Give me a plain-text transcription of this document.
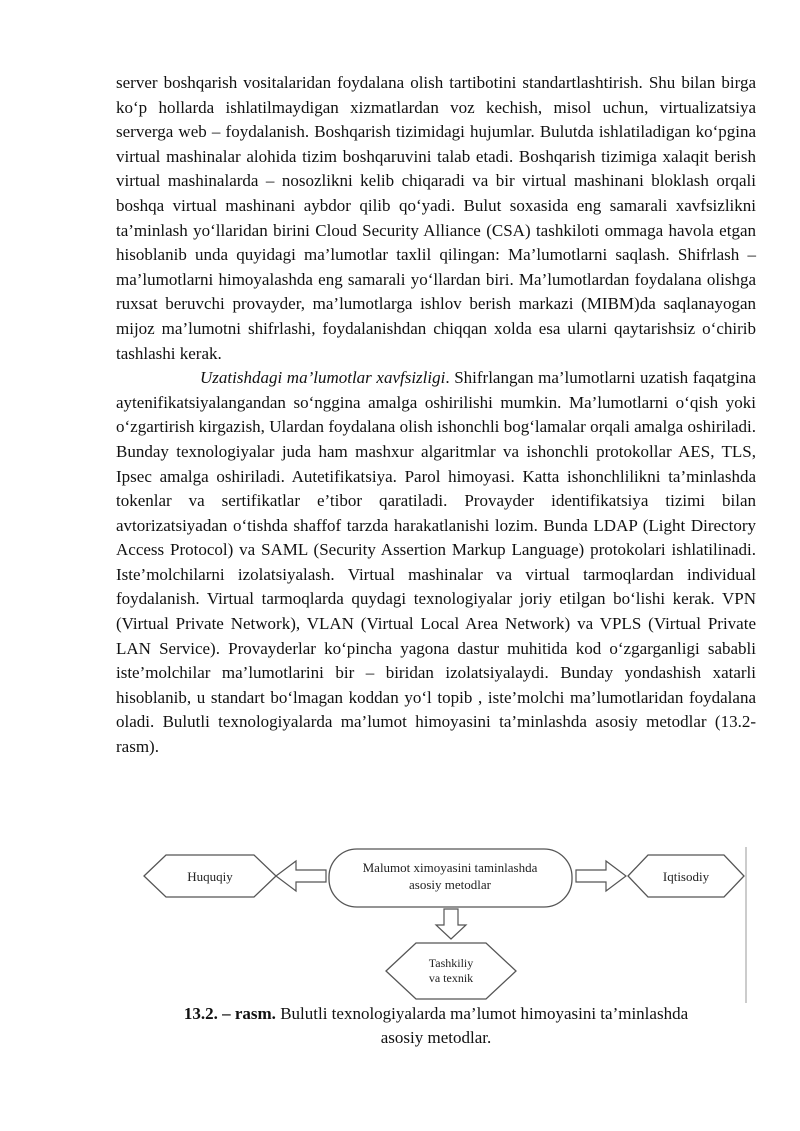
server boshqarish vositalaridan foydalana olish tartibotini standartlashtirish. Shu bilan birga koʻp hollarda ishlatilmaydigan xizmatlardan voz kechish, misol uchun, virtualizatsiya serverga web – foydalanish. Boshqarish tizimidagi hujumlar. Bulutda ishlatiladigan koʻpgina virtual mashinalar alohida tizim boshqaruvini talab etadi. Boshqarish tizimiga xalaqit berish virtual mashinalarda – nosozlikni kelib chiqaradi va bir virtual mashinani bloklash orqali boshqa virtual mashinani aybdor qilib qoʻyadi. Bulut soxasida eng samarali xavfsizlikni ta’minlash yoʻllaridan birini Cloud Security Alliance (CSA) tashkiloti ommaga havola etgan hisoblanib unda quyidagi ma’lumotlar taxlil qilingan: Ma’lumotlarni saqlash. Shifrlash – ma’lumotlarni himoyalashda eng samarali yoʻllardan biri. Ma’lumotlardan foydalana olishga ruxsat beruvchi provayder, ma’lumotlarga ishlov berish markazi (MIBM)da saqlanayogan mijoz ma’lumotni shifrlashi, foydalanishdan chiqqan xolda esa ularni qaytarishsiz oʻchirib tashlashi kerak.

Uzatishdagi ma’lumotlar xavfsizligi. Shifrlangan ma’lumotlarni uzatish faqatgina aytenifikatsiyalangandan soʻnggina amalga oshirilishi mumkin. Ma’lumotlarni oʻqish yoki oʻzgartirish kirgazish, Ulardan foydalana olish ishonchli bogʻlamalar orqali amalga oshiriladi. Bunday texnologiyalar juda ham mashxur algaritmlar va ishonchli protokollar AES, TLS, Ipsec amalga oshiriladi. Autetifikatsiya. Parol himoyasi. Katta ishonchlilikni ta’minlashda tokenlar va sertifikatlar e’tibor qaratiladi. Provayder identifikatsiya tizimi bilan avtorizatsiyadan oʻtishda shaffof tarzda harakatlanishi lozim. Bunda LDAP (Light Directory Access Protocol) va SAML (Security Assertion Markup Language) protokolari ishlatilinadi. Iste’molchilarni izolatsiyalash. Virtual mashinalar va virtual tarmoqlardan individual foydalanish. Virtual tarmoqlarda quydagi texnologiyalar joriy etilgan boʻlishi kerak. VPN (Virtual Private Network), VLAN (Virtual Local Area Network) va VPLS (Virtual Private LAN Service). Provayderlar koʻpincha yagona dastur muhitida kod oʻzgarganligi sababli iste’molchilar ma’lumotlarini bir – biridan izolatsiyalaydi. Bunday yondashish xatarli hisoblanib, u standart boʻlmagan koddan yoʻl topib , iste’molchi ma’lumotlaridan foydalana oladi. Bulutli texnologiyalarda ma’lumot himoyasini ta’minlashda asosiy metodlar (13.2-rasm).

Malumot ximoyasini taminlashda
asosiy metodlar
Huquqiy	Iqtisodiy
Tashkiliy
va texnik
13.2. – rasm. Bulutli texnologiyalarda ma’lumot himoyasini ta’minlashda
asosiy metodlar.
